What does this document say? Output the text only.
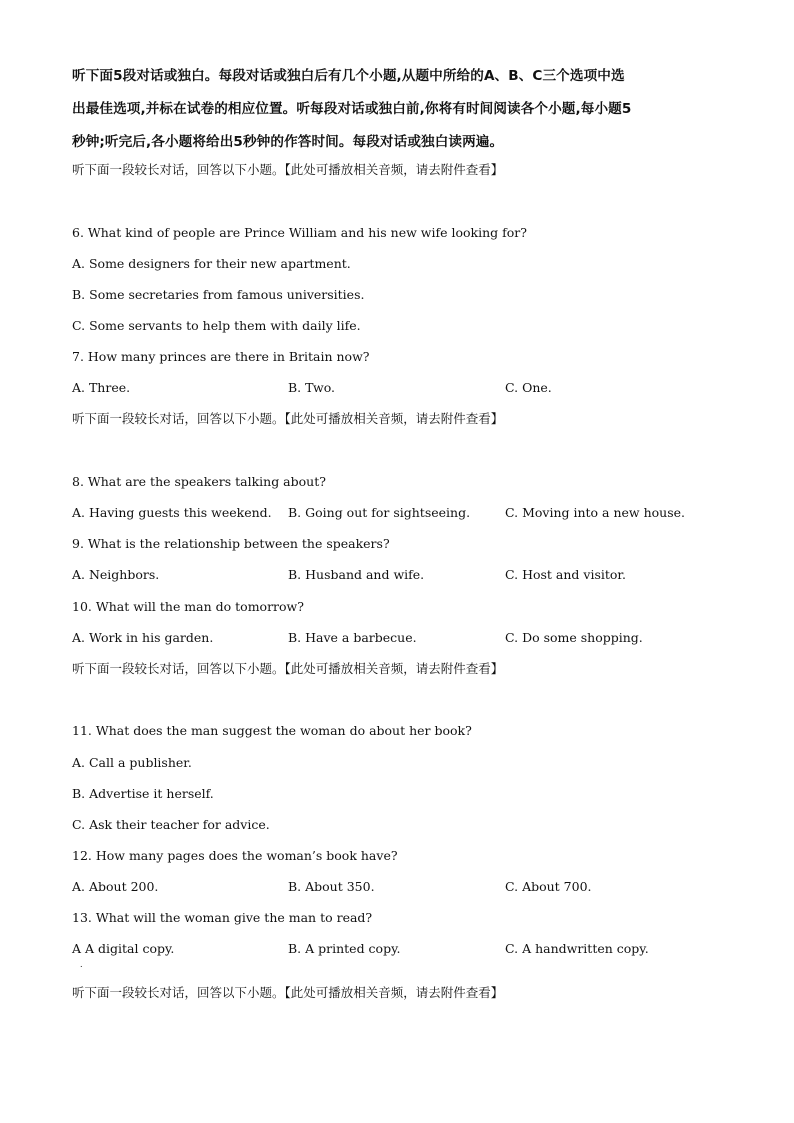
听下面5段对话或独白。每段对话或独白后有几个小题,从题中所给的A、B、C三个选项中选
出最佳选项,并标在试卷的相应位置。听每段对话或独白前,你将有时间阅读各个小题,每小题5
秒钟;听完后,各小题将给出5秒钟的作答时间。每段对话或独白读两遍。
听下面一段较长对话，回答以下小题。【此处可播放相关音频，请去附件查看】
6. What kind of people are Prince William and his new wife looking for?
A. Some designers for their new apartment.
B. Some secretaries from famous universities.
C. Some servants to help them with daily life.
7. How many princes are there in Britain now?
A. Three.	B. Two.	C. One.
听下面一段较长对话，回答以下小题。【此处可播放相关音频，请去附件查看】
8. What are the speakers talking about?
A. Having guests this weekend. B. Going out for sightseeing.	C. Moving into a new house.
9. What is the relationship between the speakers?
A. Neighbors.	B. Husband and wife.	C. Host and visitor.
10. What will the man do tomorrow?
A. Work in his garden.	B. Have a barbecue.	C. Do some shopping.
听下面一段较长对话，回答以下小题。【此处可播放相关音频，请去附件查看】
11. What does the man suggest the woman do about her book?
A. Call a publisher.
B. Advertise it herself.
C. Ask their teacher for advice.
12. How many pages does the woman’s book have?
A. About 200.	B. About 350.	C. About 700.
13. What will the woman give the man to read?
A A digital copy.	B. A printed copy.	C. A handwritten copy.
.
听下面一段较长对话，回答以下小题。【此处可播放相关音频，请去附件查看】
